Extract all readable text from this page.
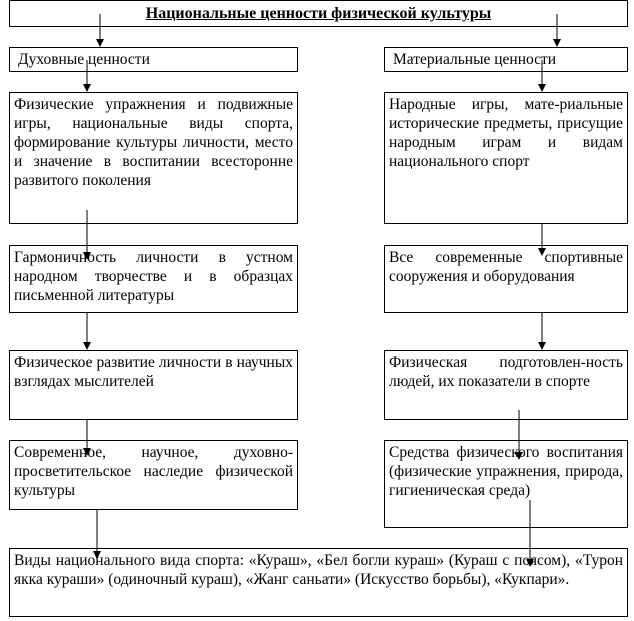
Национальные ценности физической культуры
Духовные ценности
Физические упражнения и подвижные игры, национальные виды спорта, формирование культуры личности, место и значение в воспитании всесторонне развитого поколения
Гармоничность личности в устном народном творчестве и в образцах письменной литературы
Физическое развитие личности в научных взглядах мыслителей
Современное, научное, духовно-просветительское наследие физической культуры
Материальные ценности
Народные игры, мате-риальные исторические предметы, присущие народным играм и видам национального спорт
Все современные спортивные сооружения и оборудования
Физическая подготовлен-ность людей, их показатели в спорте
Средства физического воспитания (физические упражнения, природа, гигиеническая среда)
Виды национального вида спорта: «Кураш», «Бел богли кураш» (Кураш с поясом), «Турон якка кураши» (одиночный кураш), «Жанг саньати» (Искусство борьбы), «Кукпари».
